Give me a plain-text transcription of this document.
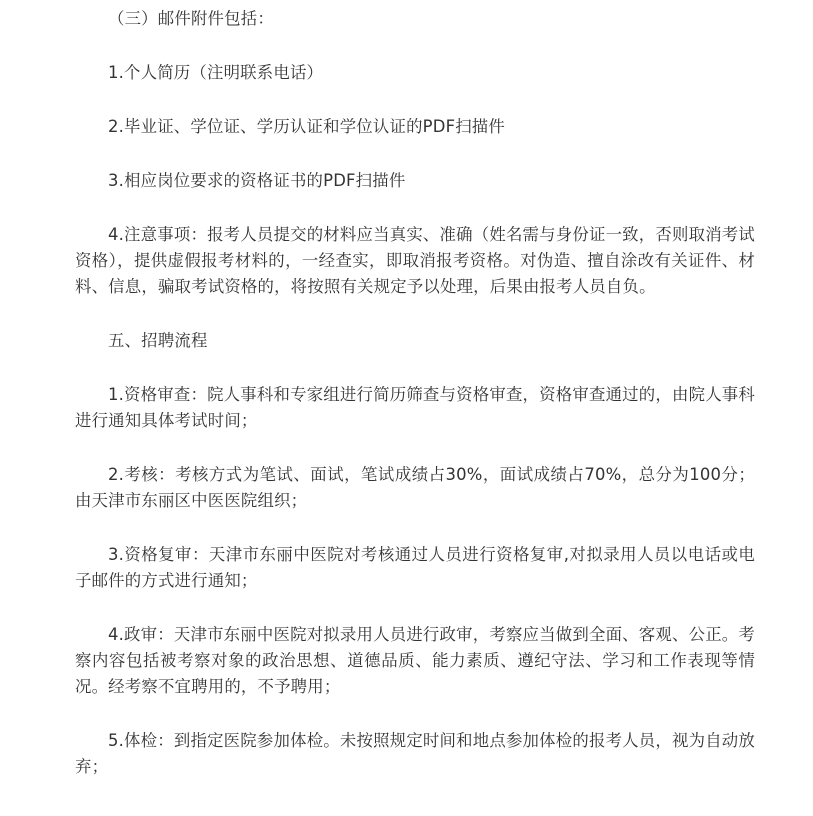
（三）邮件附件包括：

1.个人简历（注明联系电话）

2.毕业证、学位证、学历认证和学位认证的PDF扫描件

3.相应岗位要求的资格证书的PDF扫描件

4.注意事项：报考人员提交的材料应当真实、准确（姓名需与身份证一致，否则取消考试资格），提供虚假报考材料的，一经查实，即取消报考资格。对伪造、擅自涂改有关证件、材料、信息，骗取考试资格的，将按照有关规定予以处理，后果由报考人员自负。

五、招聘流程

1.资格审查：院人事科和专家组进行简历筛查与资格审查，资格审查通过的，由院人事科进行通知具体考试时间；

2.考核：考核方式为笔试、面试，笔试成绩占30%，面试成绩占70%，总分为100分；由天津市东丽区中医医院组织；

3.资格复审：天津市东丽中医院对考核通过人员进行资格复审,对拟录用人员以电话或电子邮件的方式进行通知；

4.政审：天津市东丽中医院对拟录用人员进行政审，考察应当做到全面、客观、公正。考察内容包括被考察对象的政治思想、道德品质、能力素质、遵纪守法、学习和工作表现等情况。经考察不宜聘用的，不予聘用；

5.体检：到指定医院参加体检。未按照规定时间和地点参加体检的报考人员，视为自动放弃；
